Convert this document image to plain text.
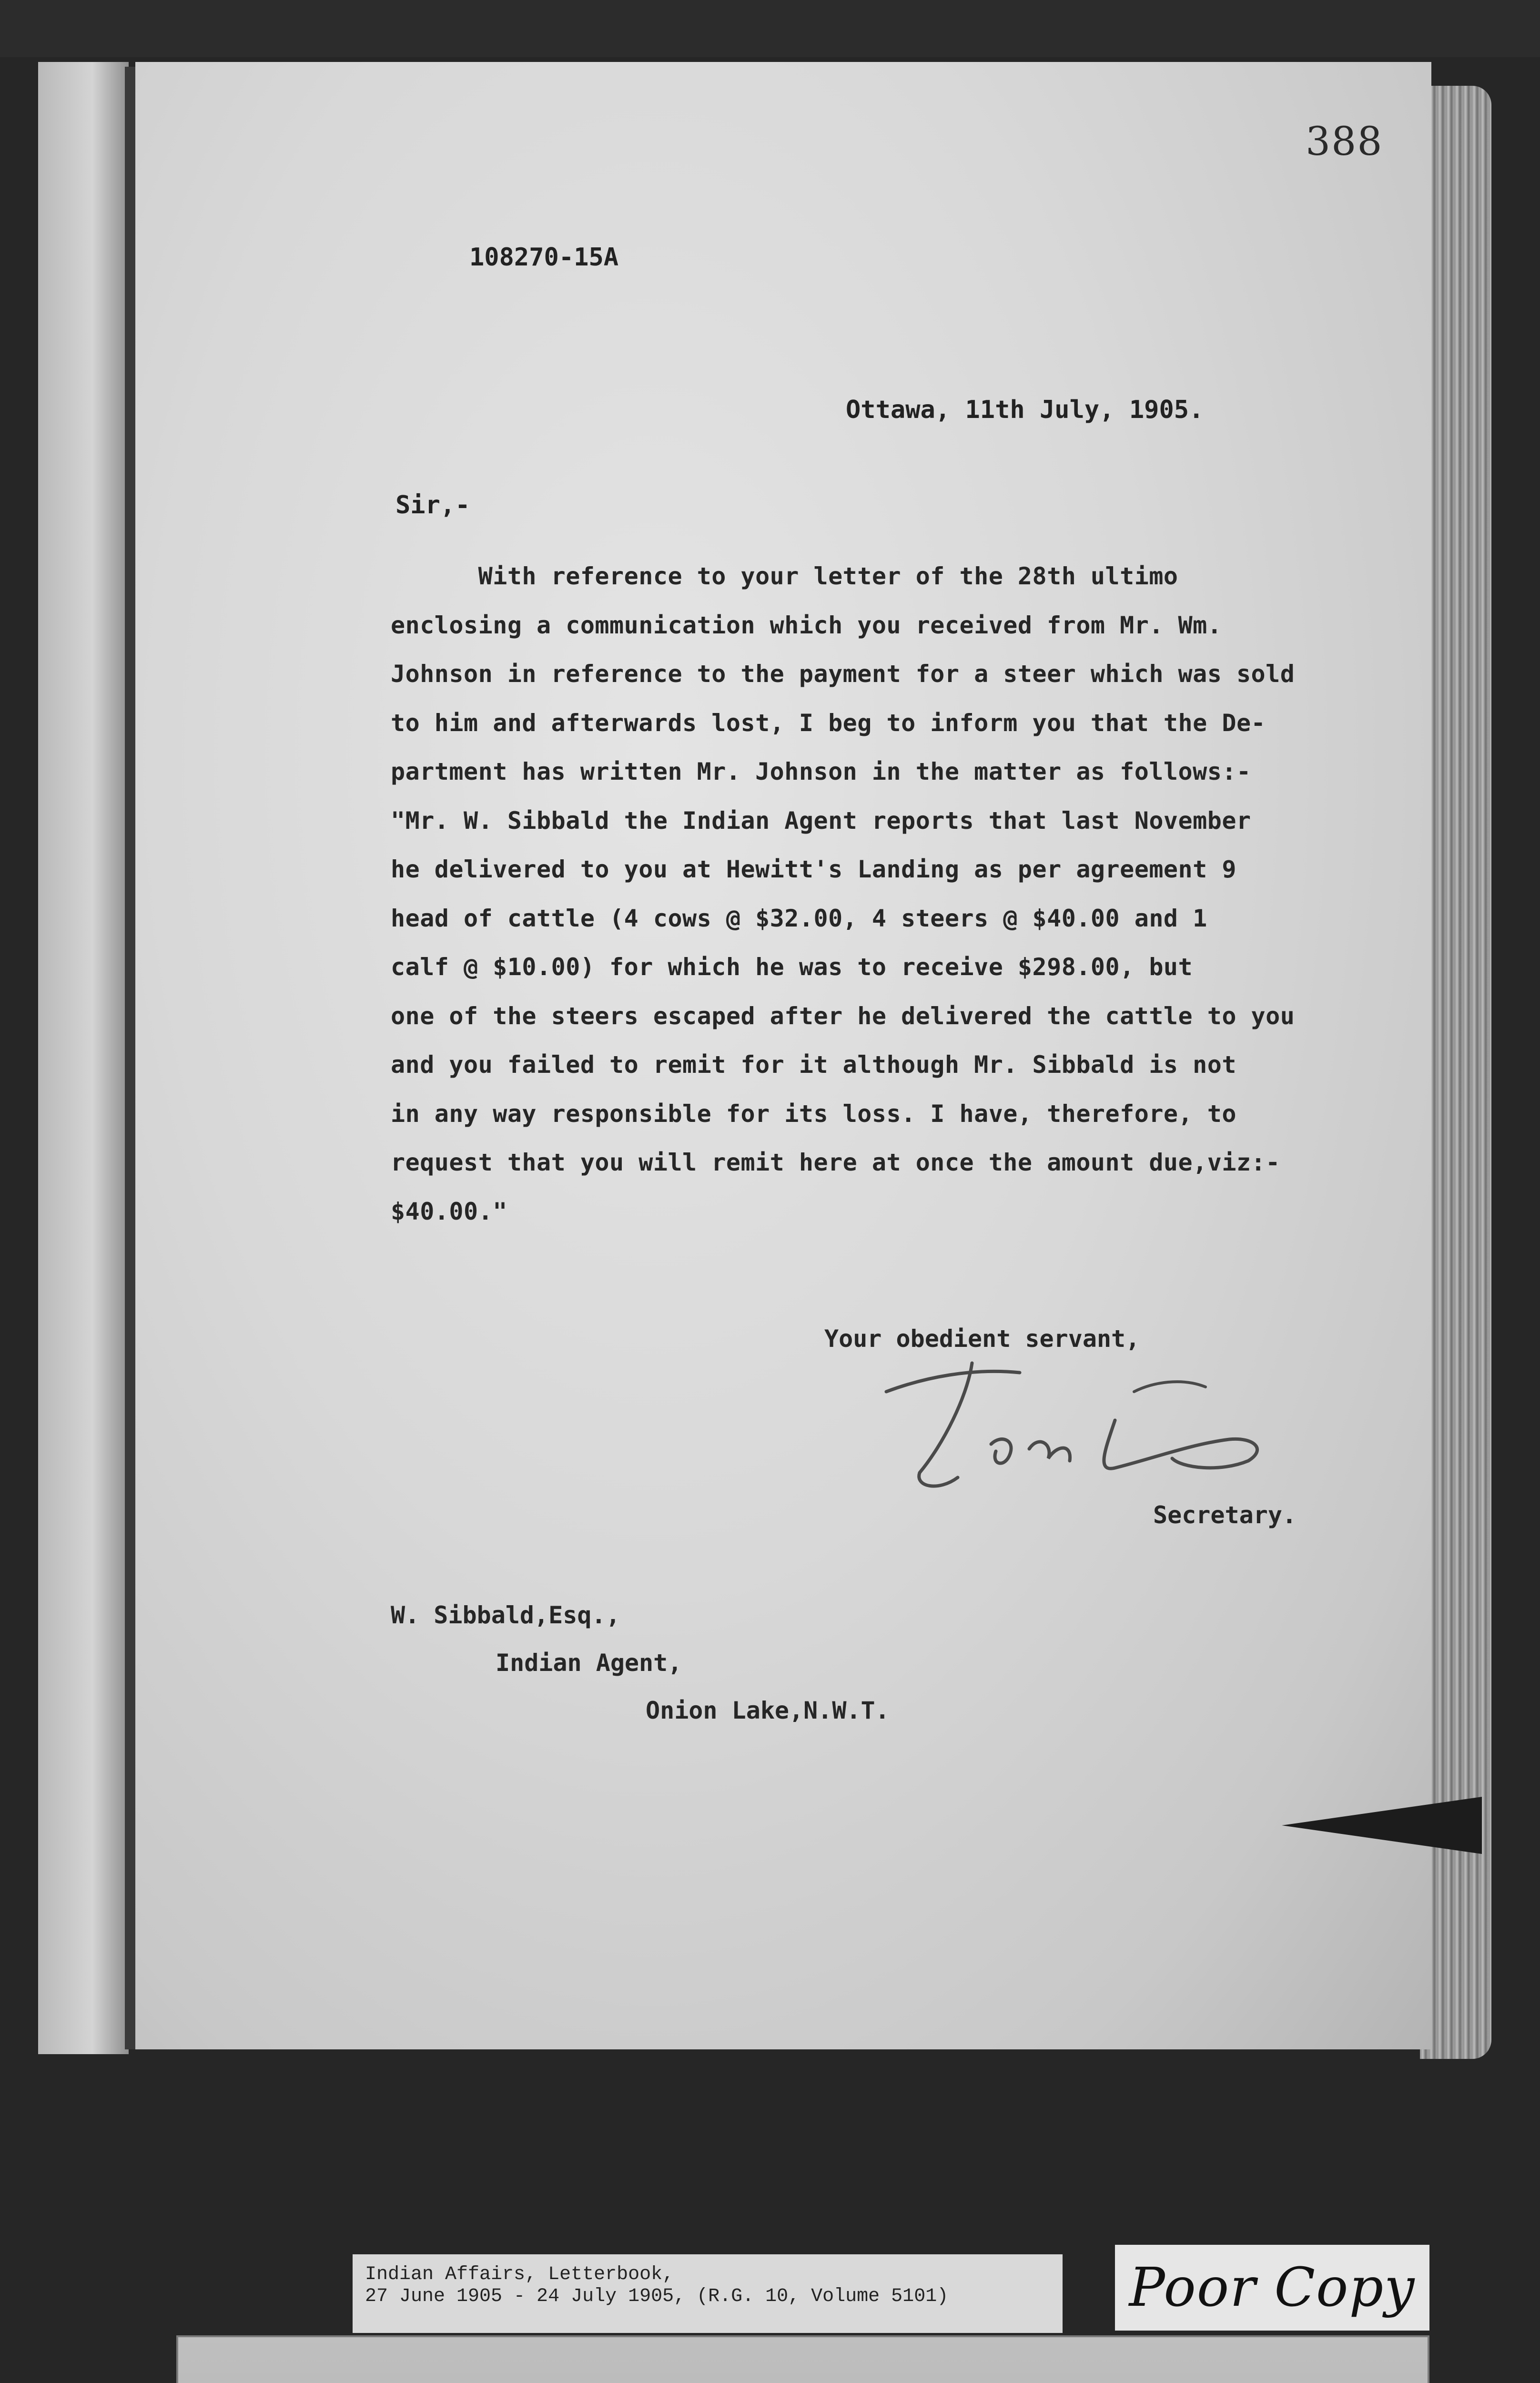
388
108270-15A
Ottawa, 11th July, 1905.
Sir,-
With reference to your letter of the 28th ultimo
enclosing a communication which you received from Mr. Wm.
Johnson in reference to the payment for a steer which was sold
to him and afterwards lost, I beg to inform you that the De-
partment has written Mr. Johnson in the matter as follows:-
"Mr. W. Sibbald the Indian Agent reports that last November
he delivered to you at Hewitt's Landing as per agreement 9
head of cattle (4 cows @ $32.00, 4 steers @ $40.00 and 1
calf @ $10.00) for which he was to receive $298.00, but
one of the steers escaped after he delivered the cattle to you
and you failed to remit for it although Mr. Sibbald is not
in any way responsible for its loss. I have, therefore, to
request that you will remit here at once the amount due,viz:-
$40.00."
Your obedient servant,
Secretary.
W. Sibbald,Esq.,
Indian Agent,
Onion Lake,N.W.T.
Indian Affairs, Letterbook,
27 June 1905 - 24 July 1905, (R.G. 10, Volume 5101)	Poor Copy
